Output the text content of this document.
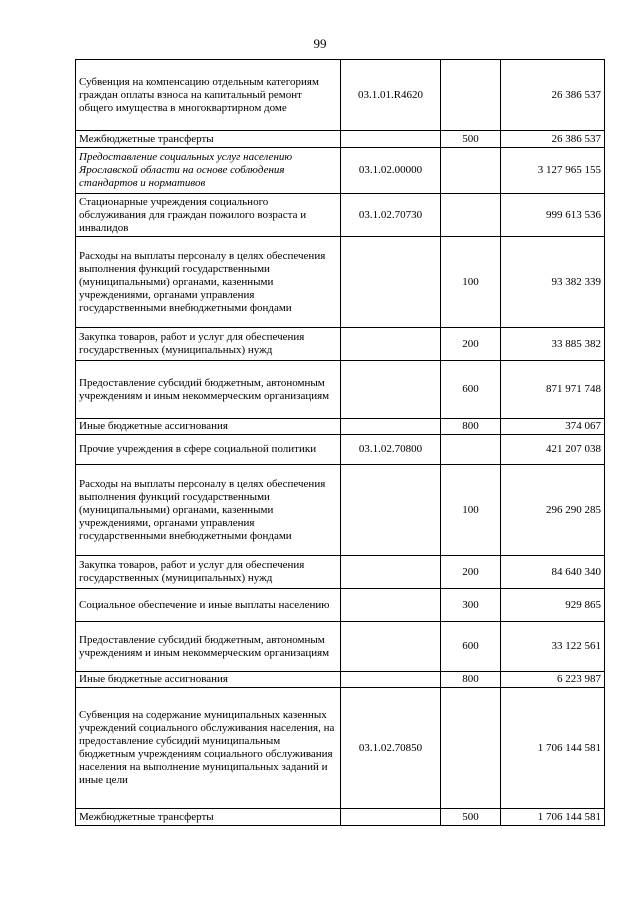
99
Субвенция на компенсацию отдельным категориям граждан оплаты взноса на капитальный ремонт общего имущества в многоквартирном доме	03.1.01.R4620		26 386 537
Межбюджетные трансферты		500	26 386 537
Предоставление социальных услуг населению Ярославской области на основе соблюдения стандартов и нормативов	03.1.02.00000		3 127 965 155
Стационарные учреждения социального обслуживания для граждан пожилого возраста и инвалидов	03.1.02.70730		999 613 536
Расходы на выплаты персоналу в целях обеспечения выполнения функций государственными (муниципальными) органами, казенными учреждениями, органами управления государственными внебюджетными фондами		100	93 382 339
Закупка товаров, работ и услуг для обеспечения государственных (муниципальных) нужд		200	33 885 382
Предоставление субсидий бюджетным, автономным учреждениям и иным некоммерческим организациям		600	871 971 748
Иные бюджетные ассигнования		800	374 067
Прочие учреждения в сфере социальной политики	03.1.02.70800		421 207 038
Расходы на выплаты персоналу в целях обеспечения выполнения функций государственными (муниципальными) органами, казенными учреждениями, органами управления государственными внебюджетными фондами		100	296 290 285
Закупка товаров, работ и услуг для обеспечения государственных (муниципальных) нужд		200	84 640 340
Социальное обеспечение и иные выплаты населению		300	929 865
Предоставление субсидий бюджетным, автономным учреждениям и иным некоммерческим организациям		600	33 122 561
Иные бюджетные ассигнования		800	6 223 987
Субвенция на содержание муниципальных казенных учреждений социального обслуживания населения, на предоставление субсидий муниципальным бюджетным учреждениям социального обслуживания населения на выполнение муниципальных заданий и иные цели	03.1.02.70850		1 706 144 581
Межбюджетные трансферты		500	1 706 144 581
